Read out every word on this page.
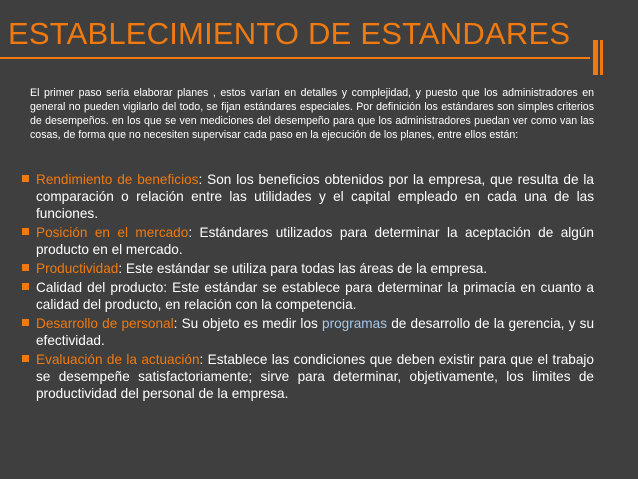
ESTABLECIMIENTO DE ESTANDARES

El primer paso seria elaborar planes , estos varían en detalles y complejidad, y puesto que los administradores en general no pueden vigilarlo del todo, se fijan estándares especiales. Por definición los estándares son simples criterios de desempeños. en los que se ven mediciones del desempeño para que los administradores puedan ver como van las cosas, de forma que no necesiten supervisar cada paso en la ejecución de los planes, entre ellos están:

Rendimiento de beneficios: Son los beneficios obtenidos por la empresa, que resulta de la comparación o relación entre las utilidades y el capital empleado en cada una de las funciones.
Posición en el mercado: Estándares utilizados para determinar la aceptación de algún producto en el mercado.
Productividad: Este estándar se utiliza para todas las áreas de la empresa.
Calidad del producto: Este estándar se establece para determinar la primacía en cuanto a calidad del producto, en relación con la competencia.
Desarrollo de personal: Su objeto es medir los programas de desarrollo de la gerencia, y su efectividad.
Evaluación de la actuación: Establece las condiciones que deben existir para que el trabajo se desempeñe satisfactoriamente; sirve para determinar, objetivamente, los limites de productividad del personal de la empresa.
